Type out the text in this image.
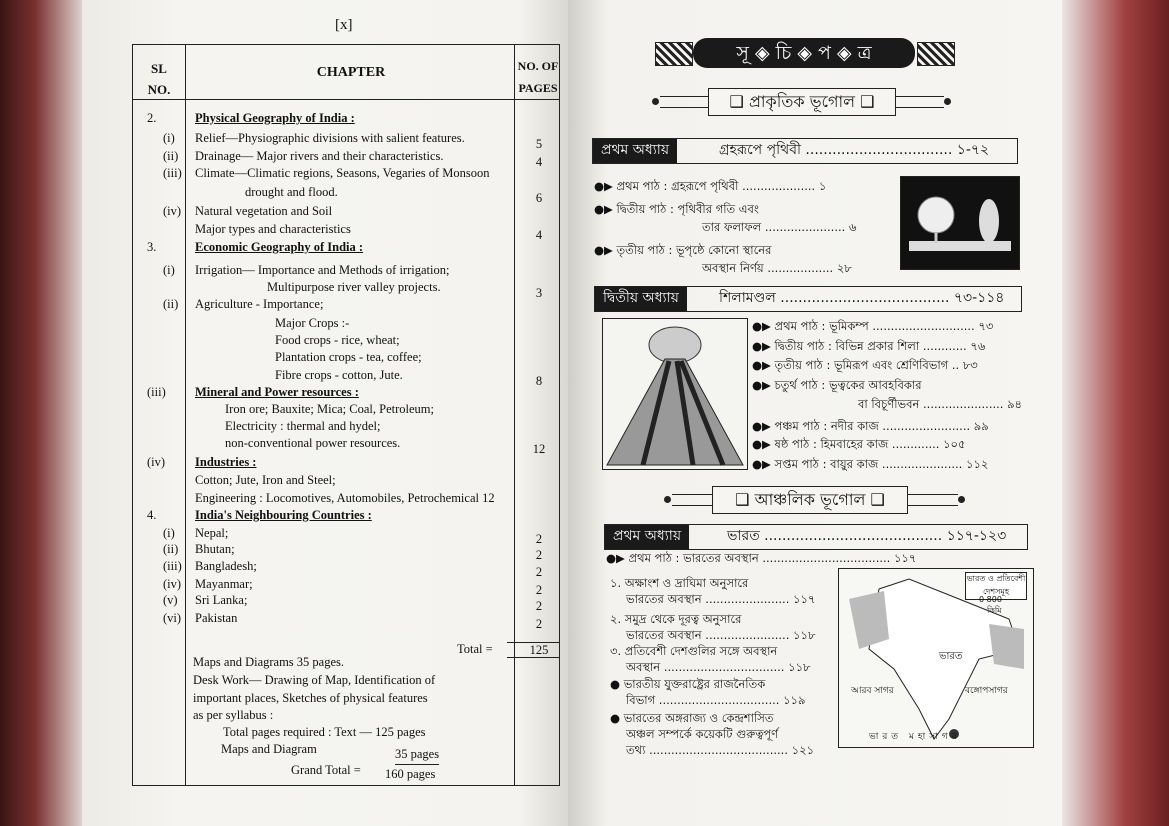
[x]
SL
NO.
CHAPTER	NO. OF
PAGES
2.	Physical Geography of India :
(i) Relief—Physiographic divisions with salient features.	5
(ii) Drainage— Major rivers and their characteristics.	4
(iii) Climate—Climatic regions, Seasons, Vegaries of Monsoon
drought and flood.	6
(iv) Natural vegetation and Soil
Major types and characteristics	4
3.	Economic Geography of India :
(i) Irrigation— Importance and Methods of irrigation;
Multipurpose river valley projects.	3
(ii) Agriculture - Importance;
Major Crops :-
Food crops - rice, wheat;
Plantation crops - tea, coffee;
Fibre crops - cotton, Jute.	8
(iii) Mineral and Power resources :
Iron ore; Bauxite; Mica; Coal, Petroleum;
Electricity : thermal and hydel;
non-conventional power resources.	12
(iv) Industries :
Cotton; Jute, Iron and Steel;
Engineering : Locomotives, Automobiles, Petrochemical 12
4.	India's Neighbouring Countries :
(i) Nepal;	2
(ii) Bhutan;	2
(iii) Bangladesh;	2
(iv) Mayanmar;	2
(v) Sri Lanka;	2
(vi) Pakistan	2
Total =	125
Maps and Diagrams 35 pages.
Desk Work— Drawing of Map, Identification of
important places, Sketches of physical features
as per syllabus :
Total pages required : Text — 125 pages
Maps and Diagram	35 pages
Grand Total = 160 pages
সূ ◈ চি ◈ প ◈ ত্র
❑ প্রাকৃতিক ভূগোল ❑
প্রথম অধ্যায়	গ্রহরূপে পৃথিবী ................................. ১-৭২
●▶ প্রথম পাঠ : গ্রহরূপে পৃথিবী .................... ১
●▶ দ্বিতীয় পাঠ : পৃথিবীর গতি এবং
তার ফলাফল ...................... ৬
●▶ তৃতীয় পাঠ : ভূপৃষ্ঠে কোনো স্থানের
অবস্থান নির্ণয় .................. ২৮
দ্বিতীয় অধ্যায়	শিলামণ্ডল ...................................... ৭৩-১১৪
●▶ প্রথম পাঠ : ভূমিকম্প ............................ ৭৩
●▶ দ্বিতীয় পাঠ : বিভিন্ন প্রকার শিলা ............ ৭৬
●▶ তৃতীয় পাঠ : ভূমিরূপ এবং শ্রেণিবিভাগ .. ৮৩
●▶ চতুর্থ পাঠ : ভূত্বকের আবহবিকার
বা বিচূর্ণীভবন ...................... ৯৪
●▶ পঞ্চম পাঠ : নদীর কাজ ........................ ৯৯
●▶ ষষ্ঠ পাঠ : হিমবাহের কাজ ............. ১০৫
●▶ সপ্তম পাঠ : বায়ুর কাজ ...................... ১১২
❑ আঞ্চলিক ভূগোল ❑
প্রথম অধ্যায়	ভারত ........................................ ১১৭-১২৩
●▶ প্রথম পাঠ : ভারতের অবস্থান ................................... ১১৭
১. অক্ষাংশ ও দ্রাঘিমা অনুসারে
ভারতের অবস্থান ....................... ১১৭
২. সমুদ্র থেকে দূরত্ব অনুসারে
ভারতের অবস্থান ....................... ১১৮
৩. প্রতিবেশী দেশগুলির সঙ্গে অবস্থান
অবস্থান ................................. ১১৮
● ভারতীয় যুক্তরাষ্ট্রের রাজনৈতিক
বিভাগ ................................. ১১৯
● ভারতের অঙ্গরাজ্য ও কেন্দ্রশাসিত
অঞ্চল সম্পর্কে কয়েকটি গুরুত্বপূর্ণ
তথ্য ...................................... ১২১
ভারত ও প্রতিবেশী দেশসমূহ
0 800
কিমি
ভারত
আরব সাগর	বঙ্গোপসাগর
ভারত মহাসাগর
